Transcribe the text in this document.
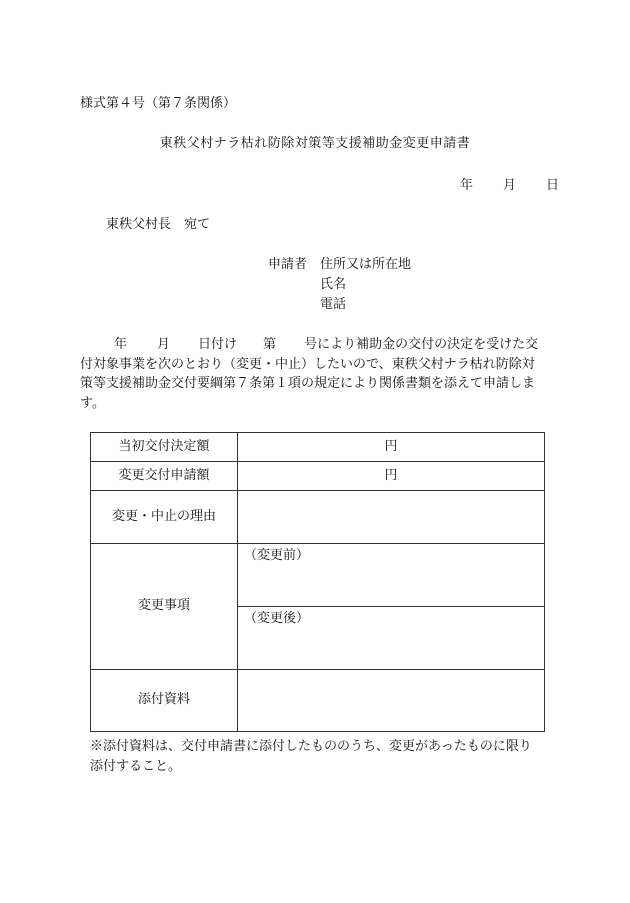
様式第４号（第７条関係）
東秩父村ナラ枯れ防除対策等支援補助金変更申請書
年 月 日
東秩父村長　宛て
申請者 住所又は所在地
氏名
電話
年 月 日付け 第 号により補助金の交付の決定を受けた交
付対象事業を次のとおり（変更・中止）したいので、東秩父村ナラ枯れ防除対
策等支援補助金交付要綱第７条第１項の規定により関係書類を添えて申請しま
す。
当初交付決定額	円
変更交付申請額	円
変更・中止の理由	
変更事項	（変更前）
（変更後）

添付資料	
※添付資料は、交付申請書に添付したもののうち、変更があったものに限り
添付すること。
